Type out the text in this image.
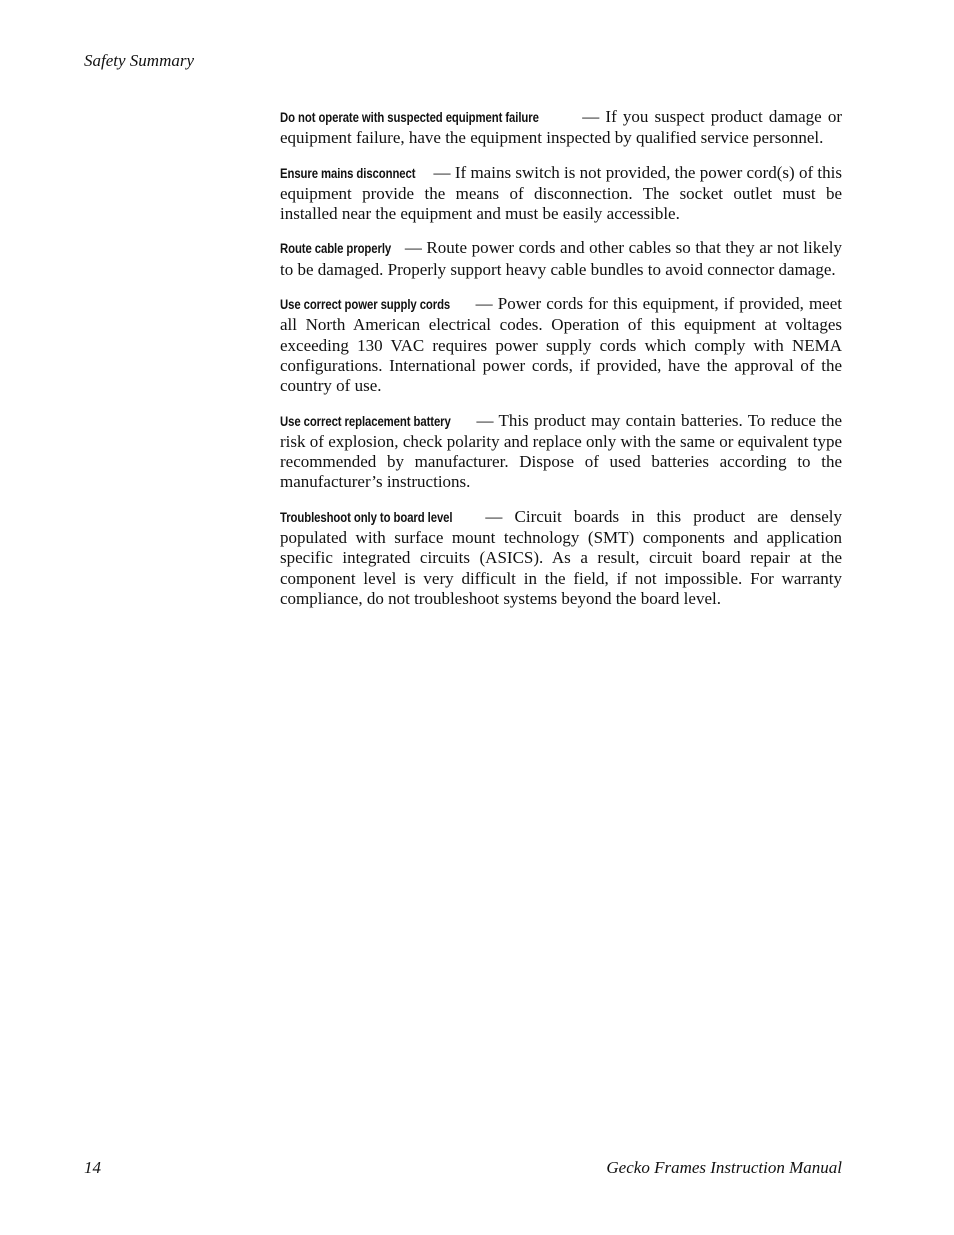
Safety Summary

Do not operate with suspected equipment failure	— If you suspect product damage or equipment failure, have the equipment inspected by qualified service personnel.

Ensure mains disconnect — If mains switch is not provided, the power cord(s) of this equipment provide the means of disconnection. The socket outlet must be installed near the equipment and must be easily accessible.

Route cable properly — Route power cords and other cables so that they ar not likely to be damaged. Properly support heavy cable bundles to avoid connector damage.

Use correct power supply cords — Power cords for this equipment, if provided, meet all North American electrical codes. Operation of this equipment at voltages exceeding 130 VAC requires power supply cords which comply with NEMA configurations. International power cords, if provided, have the approval of the country of use.

Use correct replacement battery — This product may contain batteries. To reduce the risk of explosion, check polarity and replace only with the same or equivalent type recommended by manufacturer. Dispose of used batteries according to the manufacturer’s instructions.

Troubleshoot only to board level — Circuit boards in this product are densely populated with surface mount technology (SMT) components and application specific integrated circuits (ASICS). As a result, circuit board repair at the component level is very difficult in the field, if not impossible. For warranty compliance, do not troubleshoot systems beyond the board level.

14	Gecko Frames Instruction Manual
